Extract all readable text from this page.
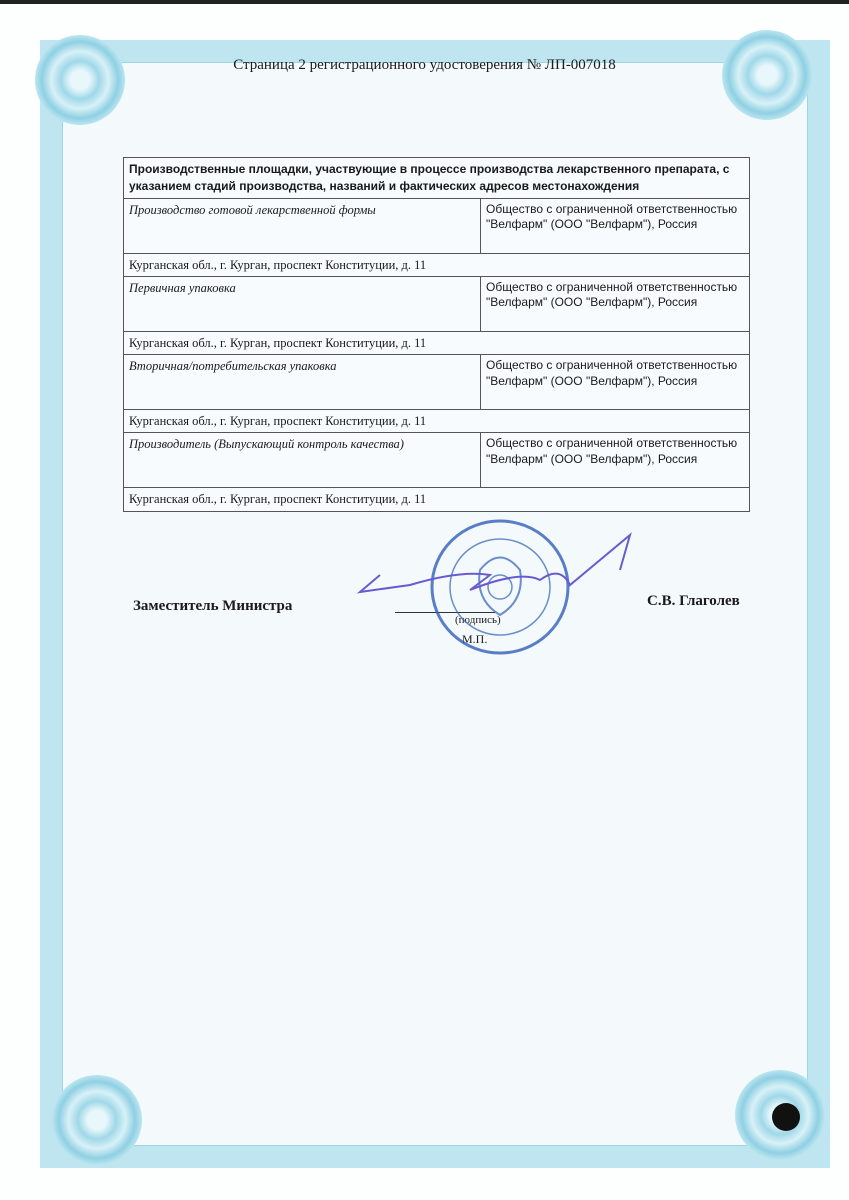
Страница 2 регистрационного удостоверения № ЛП-007018
Производственные площадки, участвующие в процессе производства лекарственного препарата, с указанием стадий производства, названий и фактических адресов местонахождения	
Производство готовой лекарственной формы	Общество с ограниченной ответственностью "Велфарм" (ООО "Велфарм"), Россия
Курганская обл., г. Курган, проспект Конституции, д. 11	
Первичная упаковка	Общество с ограниченной ответственностью "Велфарм" (ООО "Велфарм"), Россия
Курганская обл., г. Курган, проспект Конституции, д. 11	
Вторичная/потребительская упаковка	Общество с ограниченной ответственностью "Велфарм" (ООО "Велфарм"), Россия
Курганская обл., г. Курган, проспект Конституции, д. 11	
Производитель (Выпускающий контроль качества)	Общество с ограниченной ответственностью "Велфарм" (ООО "Велфарм"), Россия
Курганская обл., г. Курган, проспект Конституции, д. 11	
Заместитель Министра
(подпись)
М.П.
С.В. Глаголев
